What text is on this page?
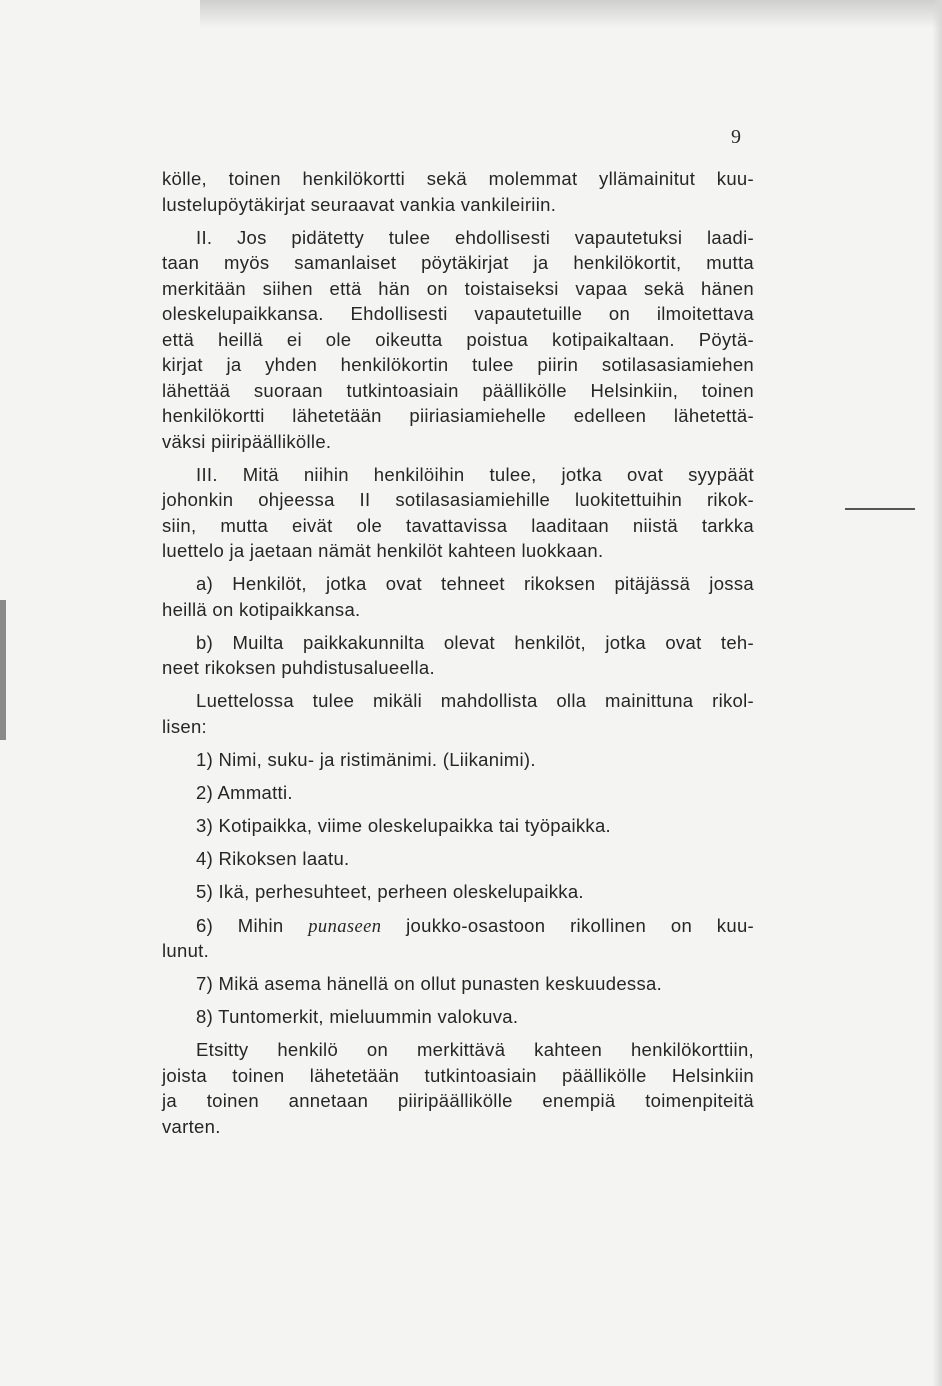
9
kölle, toinen henkilökortti sekä molemmat yllämainitut kuu-
lustelupöytäkirjat seuraavat vankia vankileiriin.
II. Jos pidätetty tulee ehdollisesti vapautetuksi laadi-
taan myös samanlaiset pöytäkirjat ja henkilökortit, mutta
merkitään siihen että hän on toistaiseksi vapaa sekä hänen
oleskelupaikkansa. Ehdollisesti vapautetuille on ilmoitettava
että heillä ei ole oikeutta poistua kotipaikaltaan. Pöytä-
kirjat ja yhden henkilökortin tulee piirin sotilasasiamiehen
lähettää suoraan tutkintoasiain päällikölle Helsinkiin, toinen
henkilökortti lähetetään piiriasiamiehelle edelleen lähetettä-
väksi piiripäällikölle.
III. Mitä niihin henkilöihin tulee, jotka ovat syypäät
johonkin ohjeessa II sotilasasiamiehille luokitettuihin rikok-
siin, mutta eivät ole tavattavissa laaditaan niistä tarkka
luettelo ja jaetaan nämät henkilöt kahteen luokkaan.
a) Henkilöt, jotka ovat tehneet rikoksen pitäjässä jossa
heillä on kotipaikkansa.
b) Muilta paikkakunnilta olevat henkilöt, jotka ovat teh-
neet rikoksen puhdistusalueella.
Luettelossa tulee mikäli mahdollista olla mainittuna rikol-
lisen:
1) Nimi, suku- ja ristimänimi. (Liikanimi).
2) Ammatti.
3) Kotipaikka, viime oleskelupaikka tai työpaikka.
4) Rikoksen laatu.
5) Ikä, perhesuhteet, perheen oleskelupaikka.
6) Mihin punaseen joukko-osastoon rikollinen on kuu-
lunut.
7) Mikä asema hänellä on ollut punasten keskuudessa.
8) Tuntomerkit, mieluummin valokuva.
Etsitty henkilö on merkittävä kahteen henkilökorttiin,
joista toinen lähetetään tutkintoasiain päällikölle Helsinkiin
ja toinen annetaan piiripäällikölle enempiä toimenpiteitä
varten.
